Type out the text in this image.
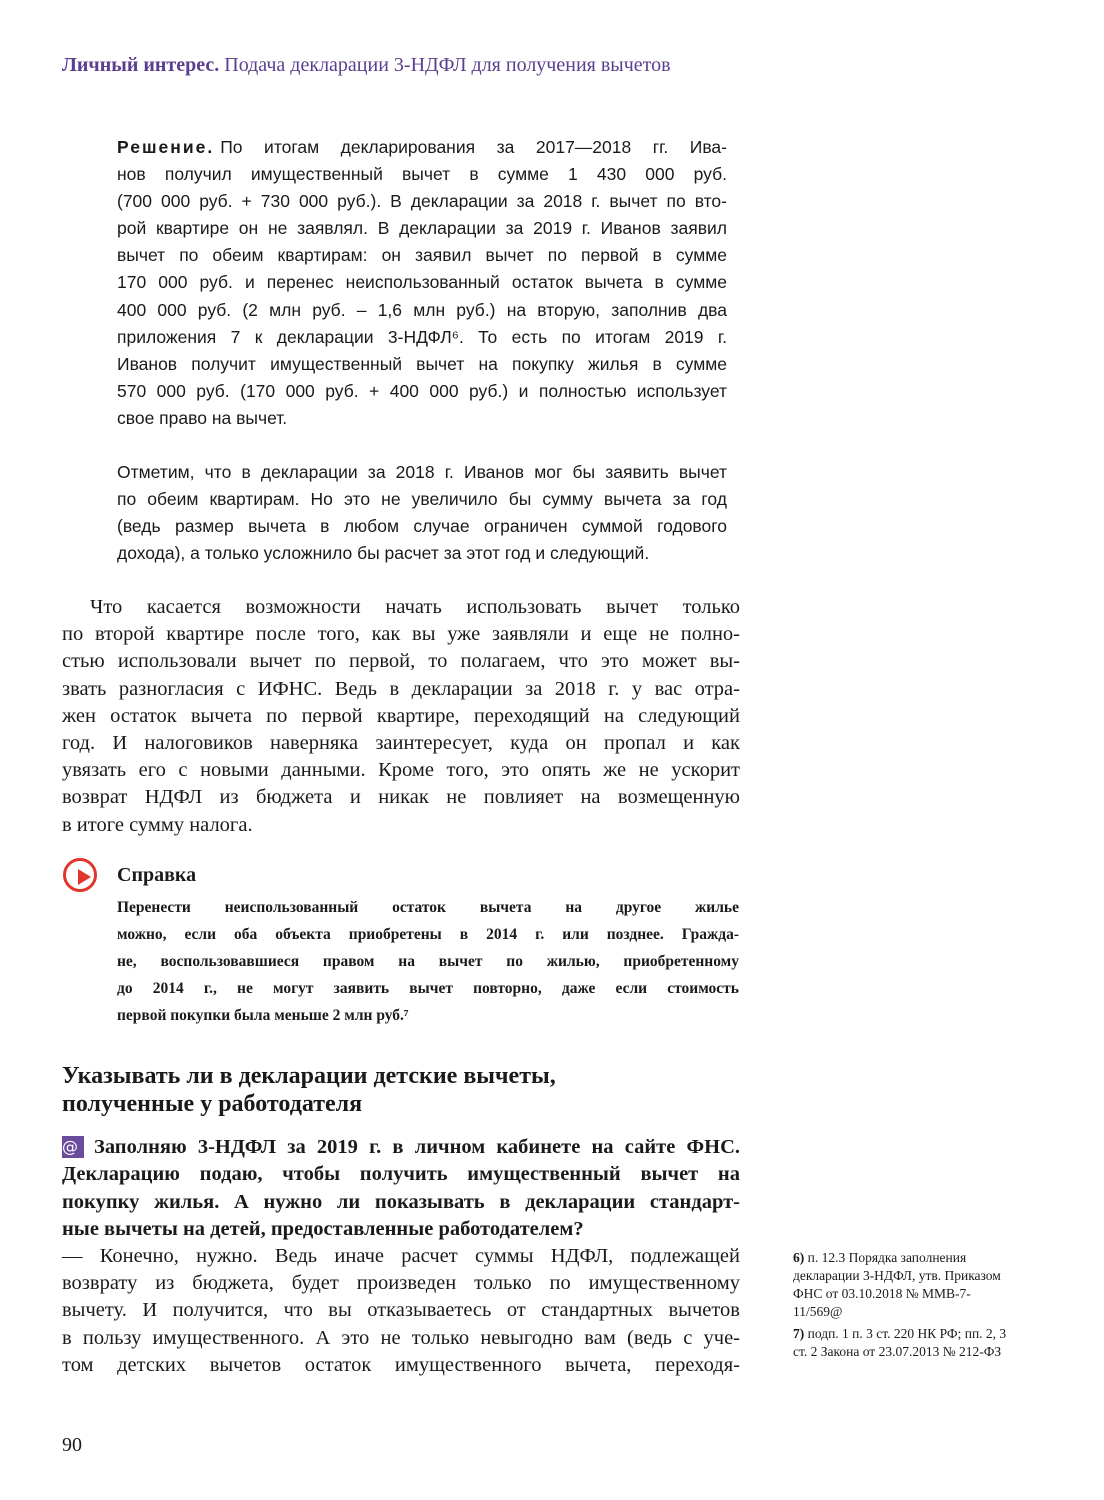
Личный интерес. Подача декларации 3-НДФЛ для получения вычетов
Решение. По итогам декларирования за 2017—2018 гг. Ива-
нов получил имущественный вычет в сумме 1 430 000 руб.
(700 000 руб. + 730 000 руб.). В декларации за 2018 г. вычет по вто-
рой квартире он не заявлял. В декларации за 2019 г. Иванов заявил
вычет по обеим квартирам: он заявил вычет по первой в сумме
170 000 руб. и перенес неиспользованный остаток вычета в сумме
400 000 руб. (2 млн руб. – 1,6 млн руб.) на вторую, заполнив два
приложения 7 к декларации 3-НДФЛ⁶. То есть по итогам 2019 г.
Иванов получит имущественный вычет на покупку жилья в сумме
570 000 руб. (170 000 руб. + 400 000 руб.) и полностью использует
свое право на вычет.
Отметим, что в декларации за 2018 г. Иванов мог бы заявить вычет
по обеим квартирам. Но это не увеличило бы сумму вычета за год
(ведь размер вычета в любом случае ограничен суммой годового
дохода), а только усложнило бы расчет за этот год и следующий.
Что касается возможности начать использовать вычет только
по второй квартире после того, как вы уже заявляли и еще не полно-
стью использовали вычет по первой, то полагаем, что это может вы-
звать разногласия с ИФНС. Ведь в декларации за 2018 г. у вас отра-
жен остаток вычета по первой квартире, переходящий на следующий
год. И налоговиков наверняка заинтересует, куда он пропал и как
увязать его с новыми данными. Кроме того, это опять же не ускорит
возврат НДФЛ из бюджета и никак не повлияет на возмещенную
в итоге сумму налога.
Справка
Перенести неиспользованный остаток вычета на другое жилье
можно, если оба объекта приобретены в 2014 г. или позднее. Гражда-
не, воспользовавшиеся правом на вычет по жилью, приобретенному
до 2014 г., не могут заявить вычет повторно, даже если стоимость
первой покупки была меньше 2 млн руб.⁷
Указывать ли в декларации детские вычеты,
полученные у работодателя
@ Заполняю 3-НДФЛ за 2019 г. в личном кабинете на сайте ФНС.
Декларацию подаю, чтобы получить имущественный вычет на
покупку жилья. А нужно ли показывать в декларации стандарт-
ные вычеты на детей, предоставленные работодателем?
— Конечно, нужно. Ведь иначе расчет суммы НДФЛ, подлежащей
возврату из бюджета, будет произведен только по имущественному
вычету. И получится, что вы отказываетесь от стандартных вычетов
в пользу имущественного. А это не только невыгодно вам (ведь с уче-
том детских вычетов остаток имущественного вычета, переходя-
6) п. 12.3 Порядка заполнения декларации 3-НДФЛ, утв. Приказом ФНС от 03.10.2018 № ММВ-7-11/569@
7) подп. 1 п. 3 ст. 220 НК РФ; пп. 2, 3 ст. 2 Закона от 23.07.2013 № 212-ФЗ
90
